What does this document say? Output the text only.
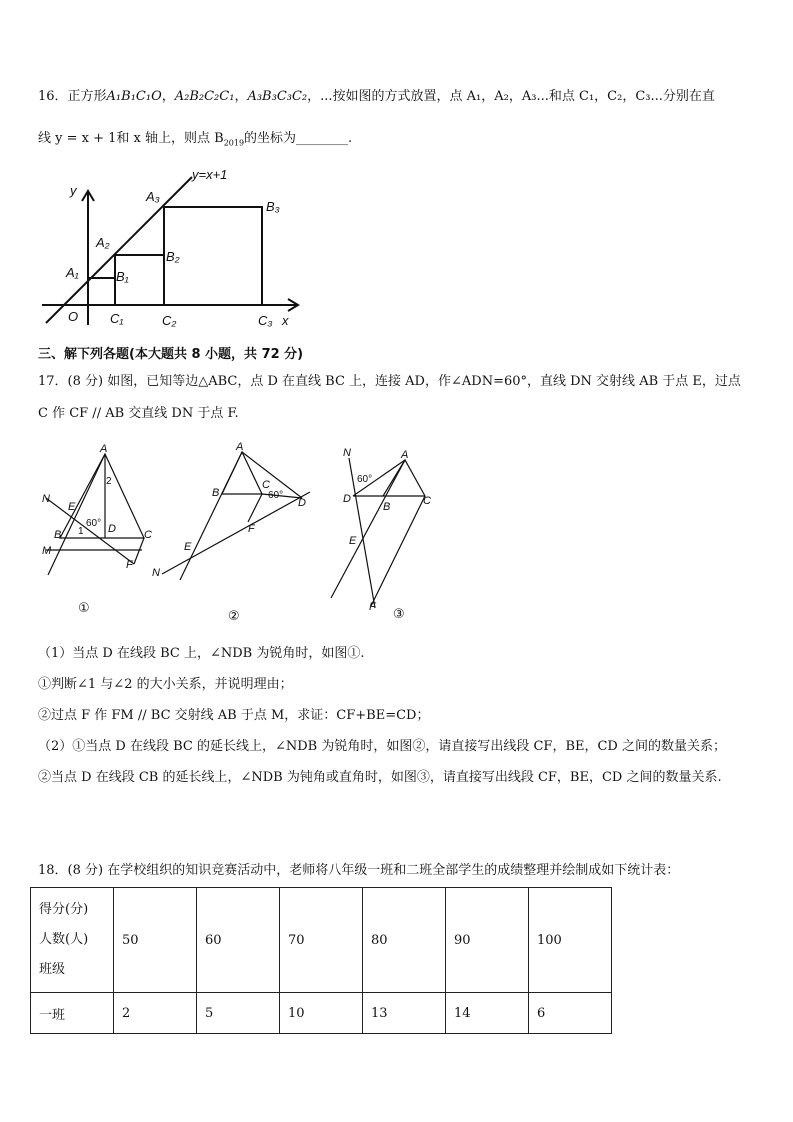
16．正方形A₁B₁C₁O，A₂B₂C₂C₁，A₃B₃C₃C₂，...按如图的方式放置，点 A₁，A₂，A₃...和点 C₁，C₂，C₃...分别在直
线 y = x + 1和 x 轴上，则点 $B_{2019}$的坐标为________.
y=x+1
y
x
O
A₁
A₂
A₃
B₁
B₂
B₃
C₁	C₂	C₃
三、解下列各题(本大题共 8 小题，共 72 分)
17．(8 分) 如图，已知等边△ABC，点 D 在直线 BC 上，连接 AD，作∠ADN=60°，直线 DN 交射线 AB 于点 E，过点
C 作 CF // AB 交直线 DN 于点 F.
A
N
E
B	D	C
M
F
1
2
60°
①
A
B
C
D
F
E
N
60°
②
N	A
D
B	C
E
F
60°
③
（1）当点 D 在线段 BC 上，∠NDB 为锐角时，如图①.
①判断∠1 与∠2 的大小关系，并说明理由；
②过点 F 作 FM // BC 交射线 AB 于点 M，求证：CF+BE=CD；
（2）①当点 D 在线段 BC 的延长线上，∠NDB 为锐角时，如图②，请直接写出线段 CF，BE，CD 之间的数量关系；
②当点 D 在线段 CB 的延长线上，∠NDB 为钝角或直角时，如图③，请直接写出线段 CF，BE，CD 之间的数量关系.
18．(8 分) 在学校组织的知识竞赛活动中，老师将八年级一班和二班全部学生的成绩整理并绘制成如下统计表：
得分(分)
人数(人)
班级	50	60	70	80	90	100
一班	2	5	10	13	14	6
